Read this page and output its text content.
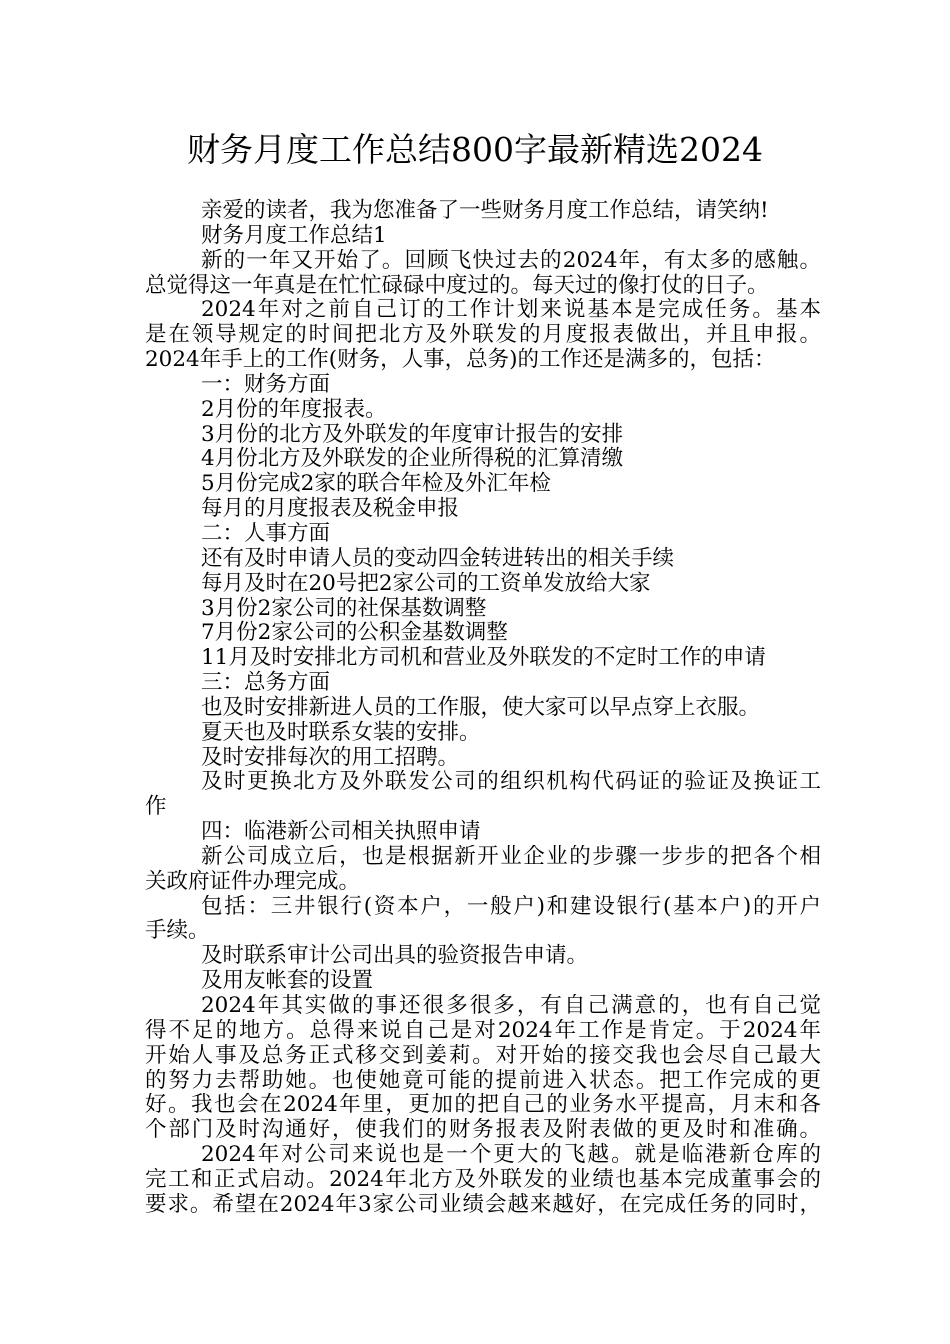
财务月度工作总结800字最新精选2024
亲爱的读者，我为您准备了一些财务月度工作总结，请笑纳!
财务月度工作总结1
新的一年又开始了。回顾飞快过去的2024年，有太多的感触。
总觉得这一年真是在忙忙碌碌中度过的。每天过的像打仗的日子。
2024年对之前自己订的工作计划来说基本是完成任务。基本
是在领导规定的时间把北方及外联发的月度报表做出，并且申报。
2024年手上的工作(财务，人事，总务)的工作还是满多的，包括：
一：财务方面
2月份的年度报表。
3月份的北方及外联发的年度审计报告的安排
4月份北方及外联发的企业所得税的汇算清缴
5月份完成2家的联合年检及外汇年检
每月的月度报表及税金申报
二：人事方面
还有及时申请人员的变动四金转进转出的相关手续
每月及时在20号把2家公司的工资单发放给大家
3月份2家公司的社保基数调整
7月份2家公司的公积金基数调整
11月及时安排北方司机和营业及外联发的不定时工作的申请
三：总务方面
也及时安排新进人员的工作服，使大家可以早点穿上衣服。
夏天也及时联系女装的安排。
及时安排每次的用工招聘。
及时更换北方及外联发公司的组织机构代码证的验证及换证工
作
四：临港新公司相关执照申请
新公司成立后，也是根据新开业企业的步骤一步步的把各个相
关政府证件办理完成。
包括：三井银行(资本户，一般户)和建设银行(基本户)的开户
手续。
及时联系审计公司出具的验资报告申请。
及用友帐套的设置
2024年其实做的事还很多很多，有自己满意的，也有自己觉
得不足的地方。总得来说自己是对2024年工作是肯定。于2024年
开始人事及总务正式移交到姜莉。对开始的接交我也会尽自己最大
的努力去帮助她。也使她竟可能的提前进入状态。把工作完成的更
好。我也会在2024年里，更加的把自己的业务水平提高，月末和各
个部门及时沟通好，使我们的财务报表及附表做的更及时和准确。
2024年对公司来说也是一个更大的飞越。就是临港新仓库的
完工和正式启动。2024年北方及外联发的业绩也基本完成董事会的
要求。希望在2024年3家公司业绩会越来越好，在完成任务的同时，
